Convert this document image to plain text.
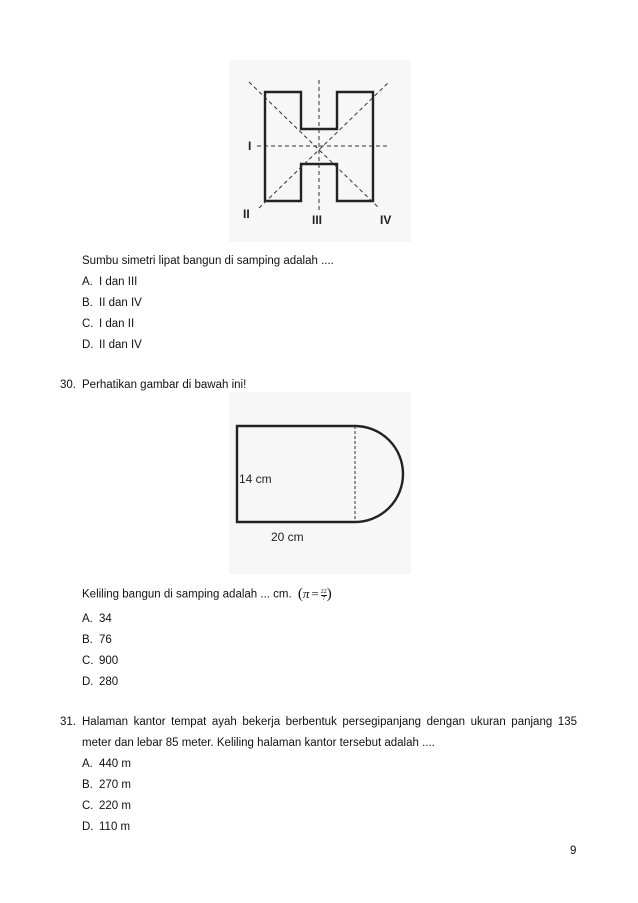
I
II	III	IV
Sumbu simetri lipat bangun di samping adalah ....
A. I dan III
B. II dan IV
C. I dan II
D. II dan IV
30. Perhatikan gambar di bawah ini!
14 cm
20 cm
Keliling bangun di samping adalah ... cm. ($\pi = \frac{22}{7}$ )
A. 34
B. 76
C. 900
D. 280
31. Halaman kantor tempat ayah bekerja berbentuk persegipanjang dengan ukuran panjang 135
meter dan lebar 85 meter. Keliling halaman kantor tersebut adalah ....
A. 440 m
B. 270 m
C. 220 m
D. 110 m
9
